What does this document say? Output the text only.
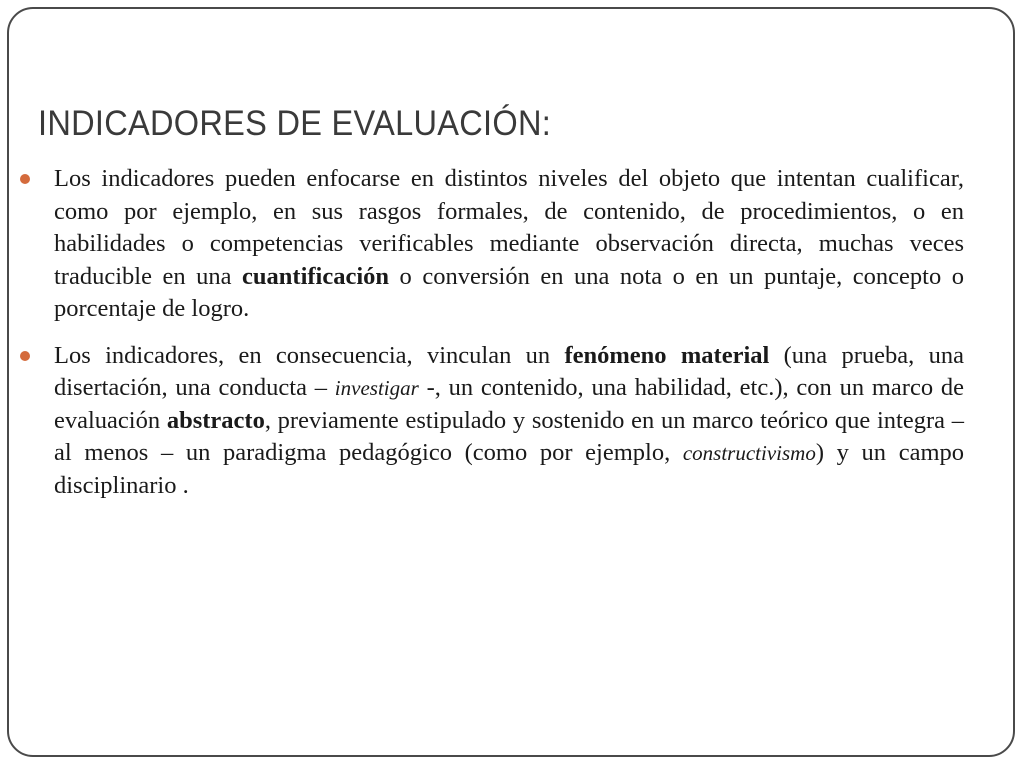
INDICADORES DE EVALUACIÓN:
Los indicadores pueden enfocarse en distintos niveles del objeto que intentan cualificar, como por ejemplo, en sus rasgos formales, de contenido, de procedimientos, o en habilidades o competencias verificables mediante observación directa, muchas veces traducible en una cuantificación o conversión en una nota o en un puntaje, concepto o porcentaje de logro.
Los indicadores, en consecuencia, vinculan un fenómeno material (una prueba, una disertación, una conducta – investigar -, un contenido, una habilidad, etc.), con un marco de evaluación abstracto, previamente estipulado y sostenido en un marco teórico que integra – al menos – un paradigma pedagógico (como por ejemplo, constructivismo) y un campo disciplinario .
